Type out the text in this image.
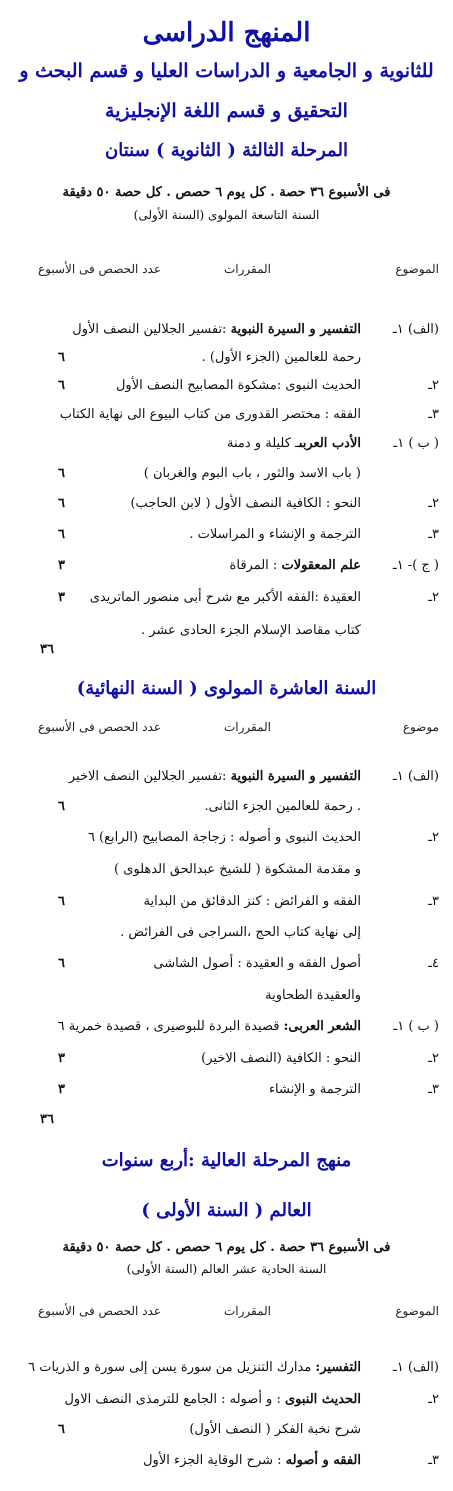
المنهج الدراسى
للثانوية و الجامعية و الدراسات العليا و قسم البحث و
التحقيق و قسم اللغة الإنجليزية
المرحلة الثالثة ( الثانوية ) سنتان
فى الأسبوع ٣٦ حصة . كل يوم ٦ حصص . كل حصة ٥٠ دقيقة
السنة التاسعة المولوى (السنة الأولى)
الموضوع
المقررات
عدد الحصص فى الأسبوع
(الف) ١ـ
التفسير و السيرة النبوية :تفسير الجلالين النصف الأول
رحمة للعالمين (الجزء الأول) .
٦
٢ـ
الحديث النبوى :مشكوة المصابيح النصف الأول
٦
٣ـ
الفقه : مختصر القدورى من كتاب البيوع الى نهاية الكتاب
( ب ) ١ـ
الأدب العربىـ كليلة و دمنة
( باب الاسد والثور ، باب البوم والغربان )
٦
٢ـ
النحو : الكافية النصف الأول ( لابن الحاجب)
٦
٣ـ
الترجمة و الإنشاء و المراسلات .
٦
( ج )- ١ـ
علم المعقولات : المرقاة
٣
٢ـ
العقيدة :الفقه الأكبر مع شرح أبى منصور الماتريدى
٣
كتاب مقاصد الإسلام الجزء الحادى عشر .
٣٦
السنة العاشرة المولوى ( السنة النهائية)
موضوع
المقررات
عدد الحصص فى الأسبوع
(الف) ١ـ
التفسير و السيرة النبوية :تفسير الجلالين النصف الاخير
. رحمة للعالمين الجزء الثانى.
٦
٢ـ
الحديث النبوى و أصوله : زجاجة المصابيح (الرابع) ٦
و مقدمة المشكوة ( للشيخ عبدالحق الدهلوى )
٣ـ
الفقه و الفرائض : كنز الدقائق من البداية
٦
إلى نهاية كتاب الحج ،السراجى فى الفرائض .
٤ـ
أصول الفقه و العقيدة : أصول الشاشى
٦
والعقيدة الطحاوية
( ب ) ١ـ
الشعر العربى: قصيدة البردة للبوصيرى ، قصيدة خمرية ٦
٢ـ
النحو : الكافية (النصف الاخير)
٣
٣ـ
الترجمة و الإنشاء
٣
٣٦
منهج المرحلة العالية :أربع سنوات
العالم ( السنة الأولى )
فى الأسبوع ٣٦ حصة . كل يوم ٦ حصص . كل حصة ٥٠ دقيقة
السنة الحادية عشر العالم (السنة الأولى)
الموضوع
المقررات
عدد الحصص فى الأسبوع
(الف) ١ـ
التفسير: مدارك التنزيل من سورة يسن إلى سورة و الذريات ٦
٢ـ
الحديث النبوى : و أصوله : الجامع للترمذى النصف الاول
شرح نخبة الفكر ( النصف الأول)
٦
٣ـ
الفقه و أصوله : شرح الوقاية الجزء الأول
